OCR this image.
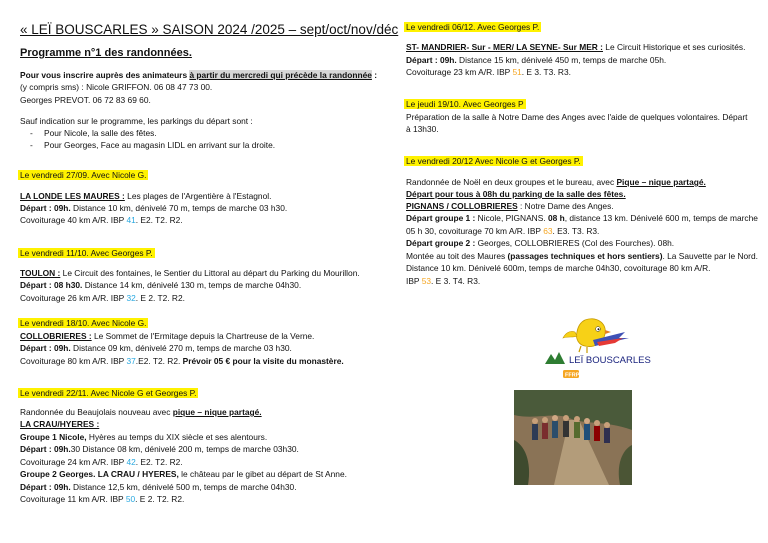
« LEÏ BOUSCARLES » SAISON 2024 /2025 – sept/oct/nov/déc
Programme n°1 des randonnées.
Pour vous inscrire auprès des animateurs à partir du mercredi qui précède la randonnée :
(y compris sms) : Nicole GRIFFON. 06 08 47 73 00.
Georges PREVOT. 06 72 83 69 60.
Sauf indication sur le programme, les parkings du départ sont :
- Pour Nicole, la salle des fêtes.
- Pour Georges, Face au magasin LIDL en arrivant sur la droite.
Le vendredi 27/09. Avec Nicole G.
LA LONDE LES MAURES : Les plages de l'Argentière à l'Estagnol.
Départ : 09h. Distance 10 km, dénivelé 70 m, temps de marche 03 h30.
Covoiturage 40 km A/R. IBP 41. E2. T2. R2.
Le vendredi 11/10. Avec Georges P.
TOULON : Le Circuit des fontaines, le Sentier du Littoral au départ du Parking du Mourillon.
Départ : 08 h30. Distance 14 km, dénivelé 130 m, temps de marche 04h30.
Covoiturage 26 km A/R. IBP 32. E 2. T2. R2.
Le vendredi 18/10. Avec Nicole G.
COLLOBRIERES : Le Sommet de l'Ermitage depuis la Chartreuse de la Verne.
Départ : 09h. Distance 09 km, dénivelé 270 m, temps de marche 03 h30.
Covoiturage 80 km A/R. IBP 37.E2. T2. R2. Prévoir 05 € pour la visite du monastère.
Le vendredi 22/11. Avec Nicole G et Georges P.
Randonnée du Beaujolais nouveau avec pique – nique partagé.
LA CRAU/HYERES :
Groupe 1 Nicole, Hyères au temps du XIX siècle et ses alentours.
Départ : 09h.30 Distance 08 km, dénivelé 200 m, temps de marche 03h30.
Covoiturage 24 km A/R. IBP 42. E2. T2. R2.
Groupe 2 Georges. LA CRAU / HYERES, le château par le gibet au départ de St Anne.
Départ : 09h. Distance 12,5 km, dénivelé 500 m, temps de marche 04h30.
Covoiturage 11 km A/R. IBP 50. E 2. T2. R2.
Le vendredi 06/12. Avec Georges P.
ST- MANDRIER- Sur - MER/ LA SEYNE- Sur MER : Le Circuit Historique et ses curiosités.
Départ : 09h. Distance 15 km, dénivelé 450 m, temps de marche 05h.
Covoiturage 23 km A/R. IBP 51. E 3. T3. R3.
Le jeudi 19/10. Avec Georges P
Préparation de la salle à Notre Dame des Anges avec l'aide de quelques volontaires. Départ
à 13h30.
Le vendredi 20/12 Avec Nicole G et Georges P.
Randonnée de Noël en deux groupes et le bureau, avec Pique – nique partagé.
Départ pour tous à 08h du parking de la salle des fêtes.
PIGNANS / COLLOBRIERES : Notre Dame des Anges.
Départ groupe 1 : Nicole, PIGNANS. 08 h, distance 13 km. Dénivelé 600 m, temps de marche
05 h 30, covoiturage 70 km A/R. IBP 63. E3. T3. R3.
Départ groupe 2 : Georges, COLLOBRIERES (Col des Fourches). 08h.
Montée au toit des Maures (passages techniques et hors sentiers). La Sauvette par le Nord.
Distance 10 km. Dénivelé 600m, temps de marche 04h30, covoiturage 80 km A/R.
IBP 53. E 3. T4. R3.
LEÏ BOUSCARLES
FFRP
